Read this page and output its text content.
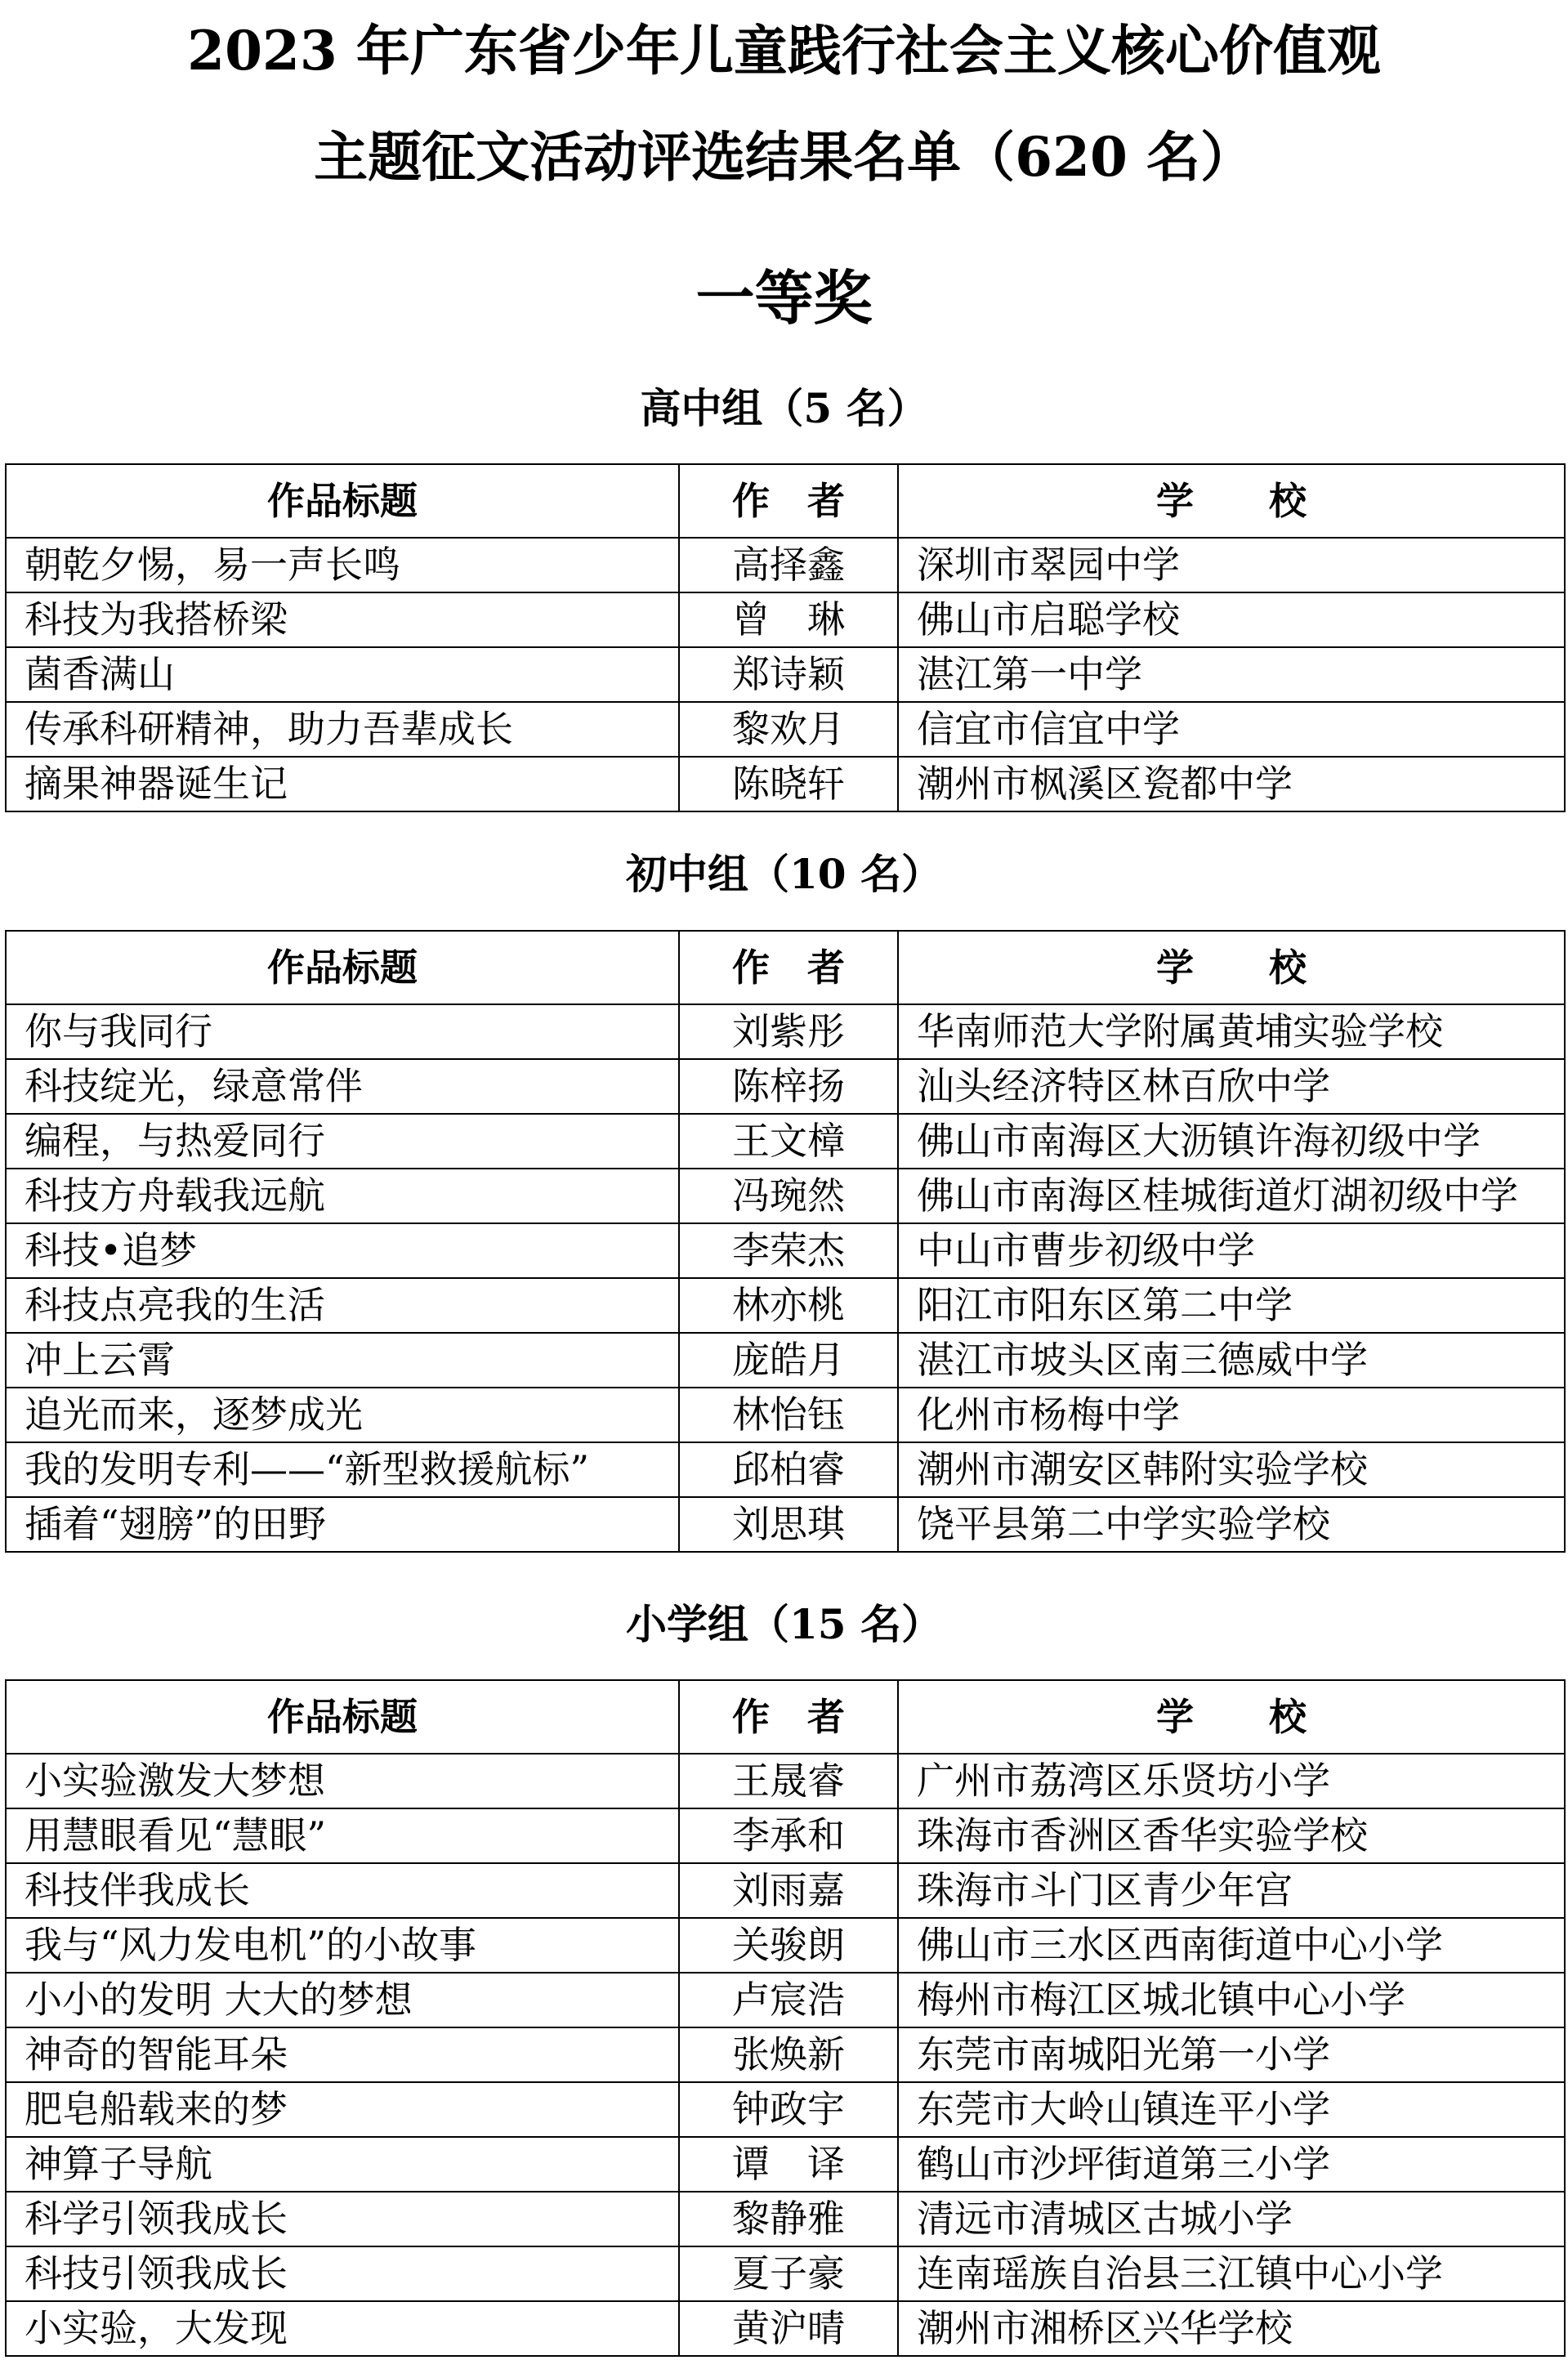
2023 年广东省少年儿童践行社会主义核心价值观
主题征文活动评选结果名单（620 名）
一等奖
高中组（5 名）
作品标题	作　者	学　　校
朝乾夕惕，易一声长鸣	高择鑫	深圳市翠园中学
科技为我搭桥梁	曾　琳	佛山市启聪学校
菌香满山	郑诗颖	湛江第一中学
传承科研精神，助力吾辈成长	黎欢月	信宜市信宜中学
摘果神器诞生记	陈晓轩	潮州市枫溪区瓷都中学
初中组（10 名）
作品标题	作　者	学　　校
你与我同行	刘紫彤	华南师范大学附属黄埔实验学校
科技绽光，绿意常伴	陈梓扬	汕头经济特区林百欣中学
编程，与热爱同行	王文樟	佛山市南海区大沥镇许海初级中学
科技方舟载我远航	冯琬然	佛山市南海区桂城街道灯湖初级中学
科技•追梦	李荣杰	中山市曹步初级中学
科技点亮我的生活	林亦桃	阳江市阳东区第二中学
冲上云霄	庞皓月	湛江市坡头区南三德威中学
追光而来，逐梦成光	林怡钰	化州市杨梅中学
我的发明专利——“新型救援航标”	邱柏睿	潮州市潮安区韩附实验学校
插着“翅膀”的田野	刘思琪	饶平县第二中学实验学校
小学组（15 名）
作品标题	作　者	学　　校
小实验激发大梦想	王晟睿	广州市荔湾区乐贤坊小学
用慧眼看见“慧眼”	李承和	珠海市香洲区香华实验学校
科技伴我成长	刘雨嘉	珠海市斗门区青少年宫
我与“风力发电机”的小故事	关骏朗	佛山市三水区西南街道中心小学
小小的发明 大大的梦想	卢宸浩	梅州市梅江区城北镇中心小学
神奇的智能耳朵	张焕新	东莞市南城阳光第一小学
肥皂船载来的梦	钟政宇	东莞市大岭山镇连平小学
神算子导航	谭　译	鹤山市沙坪街道第三小学
科学引领我成长	黎静雅	清远市清城区古城小学
科技引领我成长	夏子豪	连南瑶族自治县三江镇中心小学
小实验，大发现	黄沪晴	潮州市湘桥区兴华学校
